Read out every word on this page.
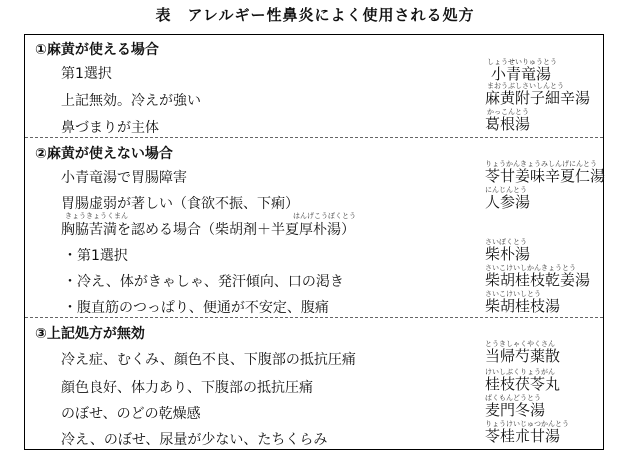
表　アレルギー性鼻炎によく使用される処方
①麻黄が使える場合
第1選択
しょうせいりゅうとう
小青竜湯
上記無効。冷えが強い
まおうぶしさいしんとう
麻黄附子細辛湯
鼻づまりが主体
かっこんとう
葛根湯
②麻黄が使えない場合
小青竜湯で胃腸障害
りょうかんきょうみしんげにんとう
苓甘姜味辛夏仁湯
胃腸虚弱が著しい（食欲不振、下痢）
にんじんとう
人参湯
きょうきょうくまん	はんげこうぼくとう
胸脇苦満を認める場合（柴胡剤＋半夏厚朴湯）
・第1選択
さいぼくとう
柴朴湯
・冷え、体がきゃしゃ、発汗傾向、口の渇き
さいこけいしかんきょうとう
柴胡桂枝乾姜湯
・腹直筋のつっぱり、便通が不安定、腹痛
さいこけいしとう
柴胡桂枝湯
③上記処方が無効
冷え症、むくみ、顔色不良、下腹部の抵抗圧痛
とうきしゃくやくさん
当帰芍薬散
顔色良好、体力あり、下腹部の抵抗圧痛
けいしぶくりょうがん
桂枝茯苓丸
のぼせ、のどの乾燥感
ばくもんどうとう
麦門冬湯
冷え、のぼせ、尿量が少ない、たちくらみ
りょうけいじゅつかんとう
苓桂朮甘湯
